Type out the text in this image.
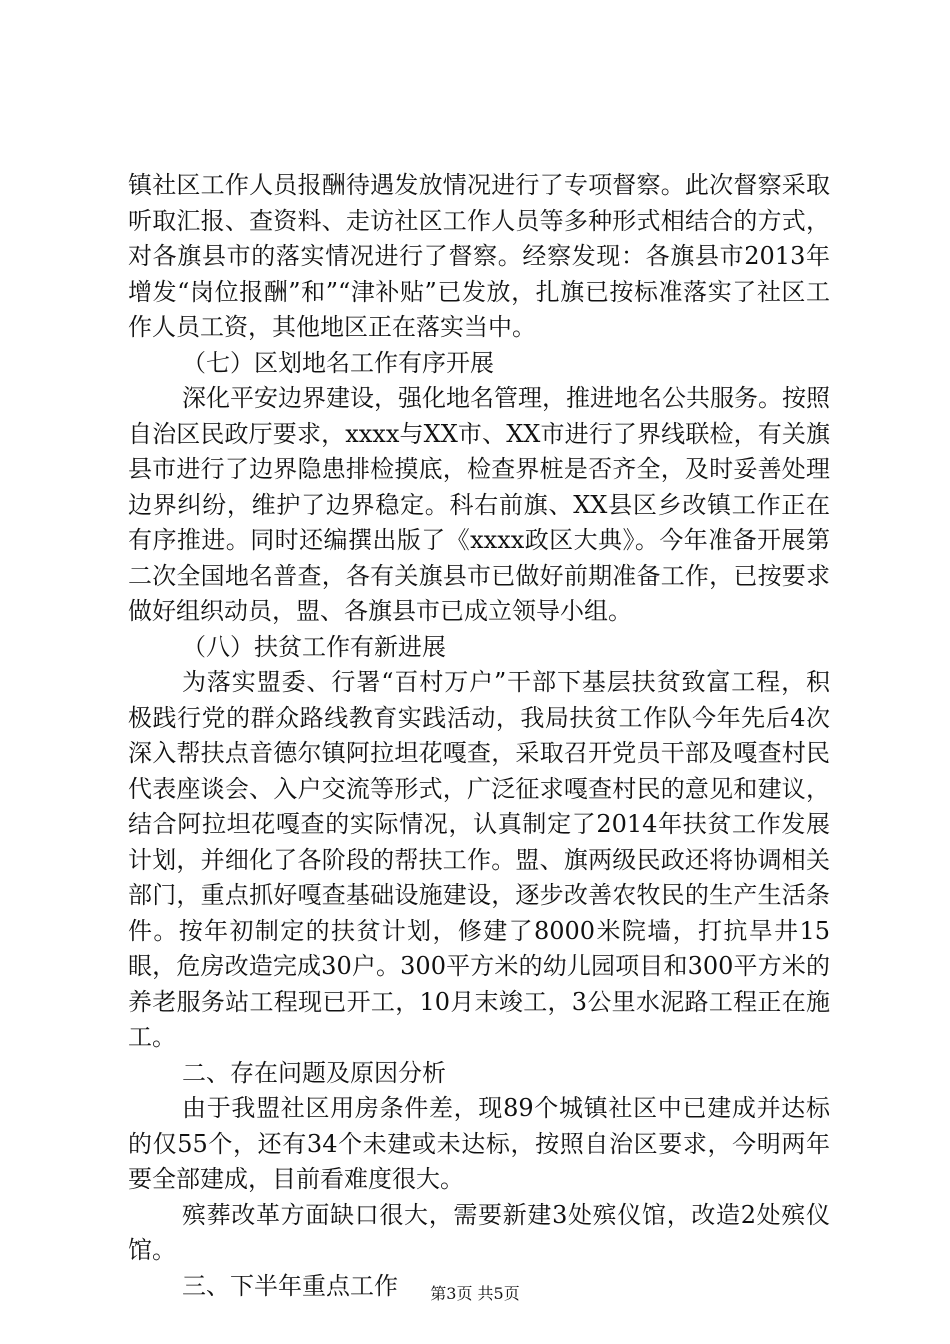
镇社区工作人员报酬待遇发放情况进行了专项督察。此次督察采取听取汇报、查资料、走访社区工作人员等多种形式相结合的方式，对各旗县市的落实情况进行了督察。经察发现：各旗县市2013年增发“岗位报酬”和”“津补贴”已发放，扎旗已按标准落实了社区工作人员工资，其他地区正在落实当中。

（七）区划地名工作有序开展

深化平安边界建设，强化地名管理，推进地名公共服务。按照自治区民政厅要求，xxxx与XX市、XX市进行了界线联检，有关旗县市进行了边界隐患排检摸底，检查界桩是否齐全，及时妥善处理边界纠纷，维护了边界稳定。科右前旗、XX县区乡改镇工作正在有序推进。同时还编撰出版了《xxxx政区大典》。今年准备开展第二次全国地名普查，各有关旗县市已做好前期准备工作，已按要求做好组织动员，盟、各旗县市已成立领导小组。

（八）扶贫工作有新进展

为落实盟委、行署“百村万户”干部下基层扶贫致富工程，积极践行党的群众路线教育实践活动，我局扶贫工作队今年先后4次深入帮扶点音德尔镇阿拉坦花嘎查，采取召开党员干部及嘎查村民代表座谈会、入户交流等形式，广泛征求嘎查村民的意见和建议，结合阿拉坦花嘎查的实际情况，认真制定了2014年扶贫工作发展计划，并细化了各阶段的帮扶工作。盟、旗两级民政还将协调相关部门，重点抓好嘎查基础设施建设，逐步改善农牧民的生产生活条件。按年初制定的扶贫计划，修建了8000米院墙，打抗旱井15眼，危房改造完成30户。300平方米的幼儿园项目和300平方米的养老服务站工程现已开工，10月末竣工，3公里水泥路工程正在施工。

二、存在问题及原因分析

由于我盟社区用房条件差，现89个城镇社区中已建成并达标的仅55个，还有34个未建或未达标，按照自治区要求，今明两年要全部建成，目前看难度很大。

殡葬改革方面缺口很大，需要新建3处殡仪馆，改造2处殡仪馆。

三、下半年重点工作	第3页 共5页
